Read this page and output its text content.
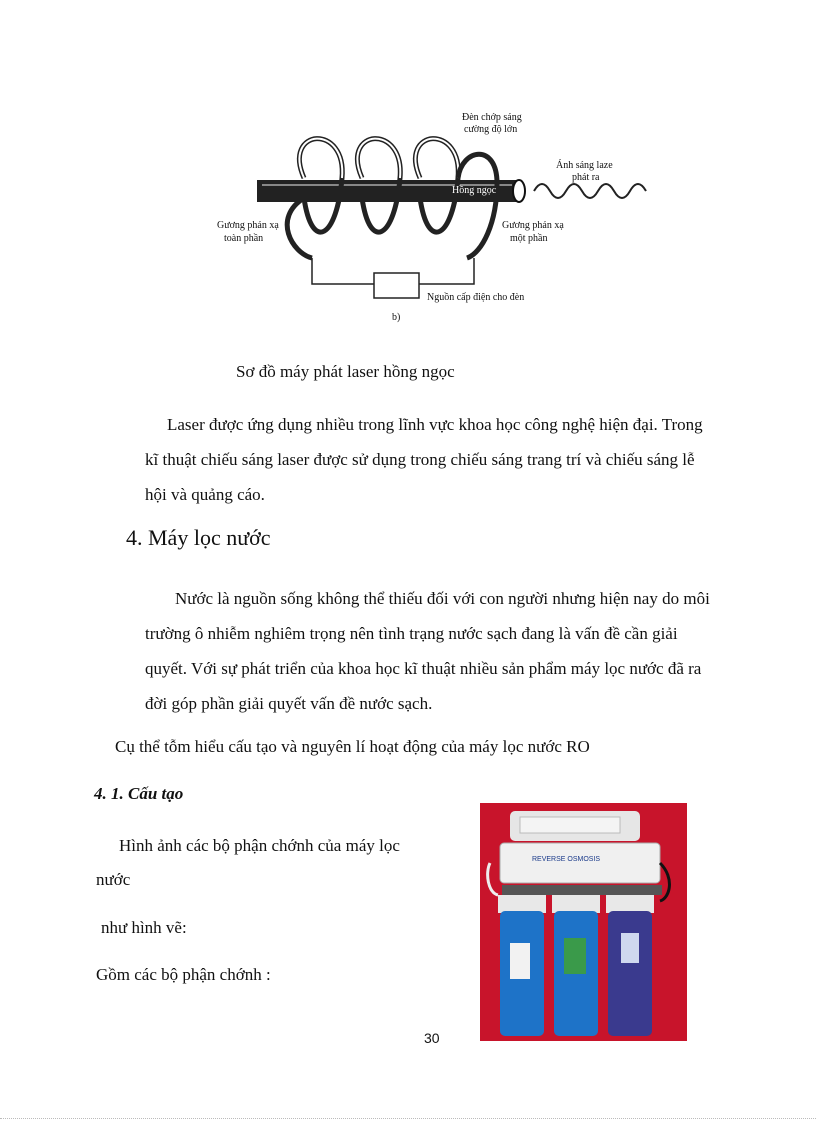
Đèn chớp sáng
cường độ lớn
Ánh sáng laze
phát ra
Hồng ngọc
Gương phản xạ
toàn phần
Gương phản xạ
một phần
Nguồn cấp điện cho đèn
b)
Sơ đồ máy phát laser hồng ngọc
Laser được ứng dụng nhiều trong lĩnh vực khoa học công nghệ hiện đại. Trong kĩ thuật chiếu sáng laser được sử dụng trong chiếu sáng trang trí và chiếu sáng lễ hội và quảng cáo.
4. Máy lọc nước
Nước là nguồn sống không thể thiếu đối với con người nhưng hiện nay do môi trường ô nhiễm nghiêm trọng nên tình trạng nước sạch đang là vấn đề cần giải quyết. Với sự phát triển của khoa học kĩ thuật nhiều sản phẩm máy lọc nước đã ra đời góp phần giải quyết vấn đề nước sạch.
Cụ thể tỗm hiểu cấu tạo và nguyên lí hoạt động của máy lọc nước RO
4. 1. Cấu tạo
Hình ảnh các bộ phận chớnh của máy lọc
nước
như hình vẽ:
Gồm các bộ phận chớnh :
REVERSE OSMOSIS
30
